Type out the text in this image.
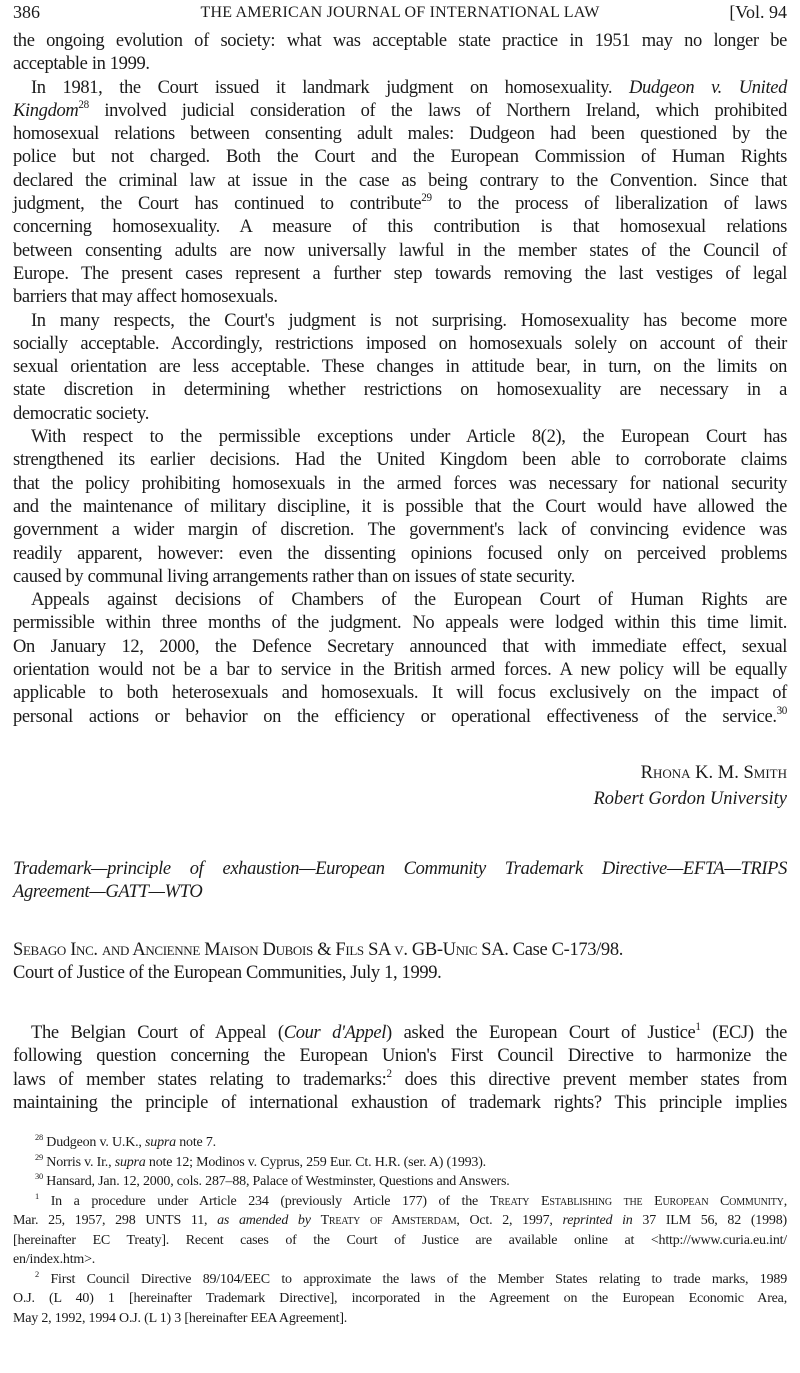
386	THE AMERICAN JOURNAL OF INTERNATIONAL LAW	[Vol. 94
the ongoing evolution of society: what was acceptable state practice in 1951 may no longer be
acceptable in 1999.
In 1981, the Court issued it landmark judgment on homosexuality. Dudgeon v. United
Kingdom$^{28}$ involved judicial consideration of the laws of Northern Ireland, which prohibited
homosexual relations between consenting adult males: Dudgeon had been questioned by the
police but not charged. Both the Court and the European Commission of Human Rights
declared the criminal law at issue in the case as being contrary to the Convention. Since that
judgment, the Court has continued to contribute$^{29}$ to the process of liberalization of laws
concerning homosexuality. A measure of this contribution is that homosexual relations
between consenting adults are now universally lawful in the member states of the Council of
Europe. The present cases represent a further step towards removing the last vestiges of legal
barriers that may affect homosexuals.
In many respects, the Court's judgment is not surprising. Homosexuality has become more
socially acceptable. Accordingly, restrictions imposed on homosexuals solely on account of their
sexual orientation are less acceptable. These changes in attitude bear, in turn, on the limits on
state discretion in determining whether restrictions on homosexuality are necessary in a
democratic society.
With respect to the permissible exceptions under Article 8(2), the European Court has
strengthened its earlier decisions. Had the United Kingdom been able to corroborate claims
that the policy prohibiting homosexuals in the armed forces was necessary for national security
and the maintenance of military discipline, it is possible that the Court would have allowed the
government a wider margin of discretion. The government's lack of convincing evidence was
readily apparent, however: even the dissenting opinions focused only on perceived problems
caused by communal living arrangements rather than on issues of state security.
Appeals against decisions of Chambers of the European Court of Human Rights are
permissible within three months of the judgment. No appeals were lodged within this time limit.
On January 12, 2000, the Defence Secretary announced that with immediate effect, sexual
orientation would not be a bar to service in the British armed forces. A new policy will be equally
applicable to both heterosexuals and homosexuals. It will focus exclusively on the impact of
personal actions or behavior on the efficiency or operational effectiveness of the service.$^{30}$
Rhona K. M. Smith
Robert Gordon University
Trademark—principle of exhaustion—European Community Trademark Directive—EFTA—TRIPS
Agreement—GATT—WTO
Sebago Inc. and Ancienne Maison Dubois & Fils SA v. GB-Unic SA. Case C-173/98.
Court of Justice of the European Communities, July 1, 1999.
The Belgian Court of Appeal (Cour d'Appel) asked the European Court of Justice$^1$ (ECJ) the
following question concerning the European Union's First Council Directive to harmonize the
laws of member states relating to trademarks:$^2$ does this directive prevent member states from
maintaining the principle of international exhaustion of trademark rights? This principle implies
$^{28}$ Dudgeon v. U.K., supra note 7.
$^{29}$ Norris v. Ir., supra note 12; Modinos v. Cyprus, 259 Eur. Ct. H.R. (ser. A) (1993).
$^{30}$ Hansard, Jan. 12, 2000, cols. 287–88, Palace of Westminster, Questions and Answers.
$^1$ In a procedure under Article 234 (previously Article 177) of the Treaty Establishing the European Community,
Mar. 25, 1957, 298 UNTS 11, as amended by Treaty of Amsterdam, Oct. 2, 1997, reprinted in 37 ILM 56, 82 (1998)
[hereinafter EC Treaty]. Recent cases of the Court of Justice are available online at <http://www.curia.eu.int/
en/index.htm>.
$^2$ First Council Directive 89/104/EEC to approximate the laws of the Member States relating to trade marks, 1989
O.J. (L 40) 1 [hereinafter Trademark Directive], incorporated in the Agreement on the European Economic Area,
May 2, 1992, 1994 O.J. (L 1) 3 [hereinafter EEA Agreement].
